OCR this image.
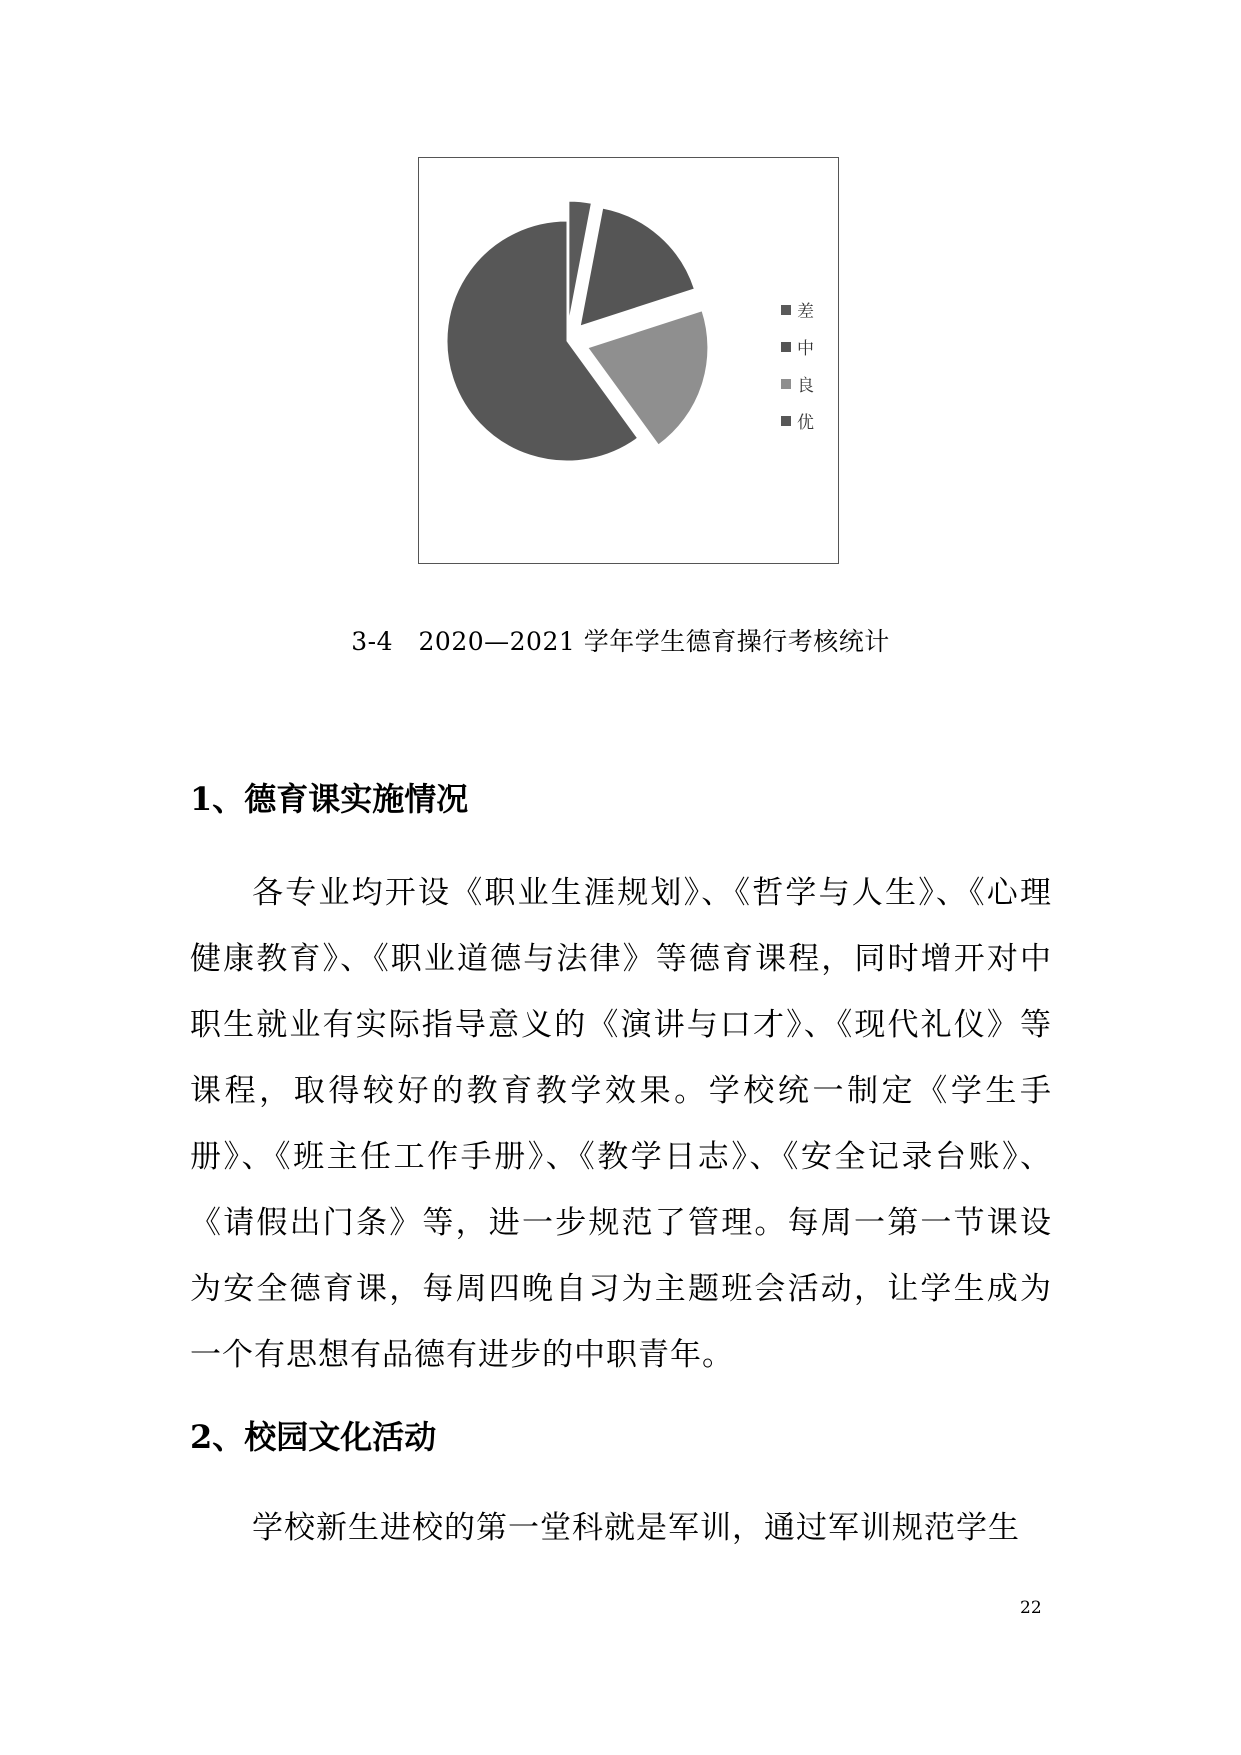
差
中
良
优
3-4　2020—2021 学年学生德育操行考核统计
1、德育课实施情况

各专业均开设《职业生涯规划》、《哲学与人生》、《心理健康教育》、《职业道德与法律》等德育课程，同时增开对中职生就业有实际指导意义的《演讲与口才》、《现代礼仪》等课程，取得较好的教育教学效果。学校统一制定《学生手册》、《班主任工作手册》、《教学日志》、《安全记录台账》、《请假出门条》等，进一步规范了管理。每周一第一节课设为安全德育课，每周四晚自习为主题班会活动，让学生成为一个有思想有品德有进步的中职青年。

2、校园文化活动

学校新生进校的第一堂科就是军训，通过军训规范学生

22
